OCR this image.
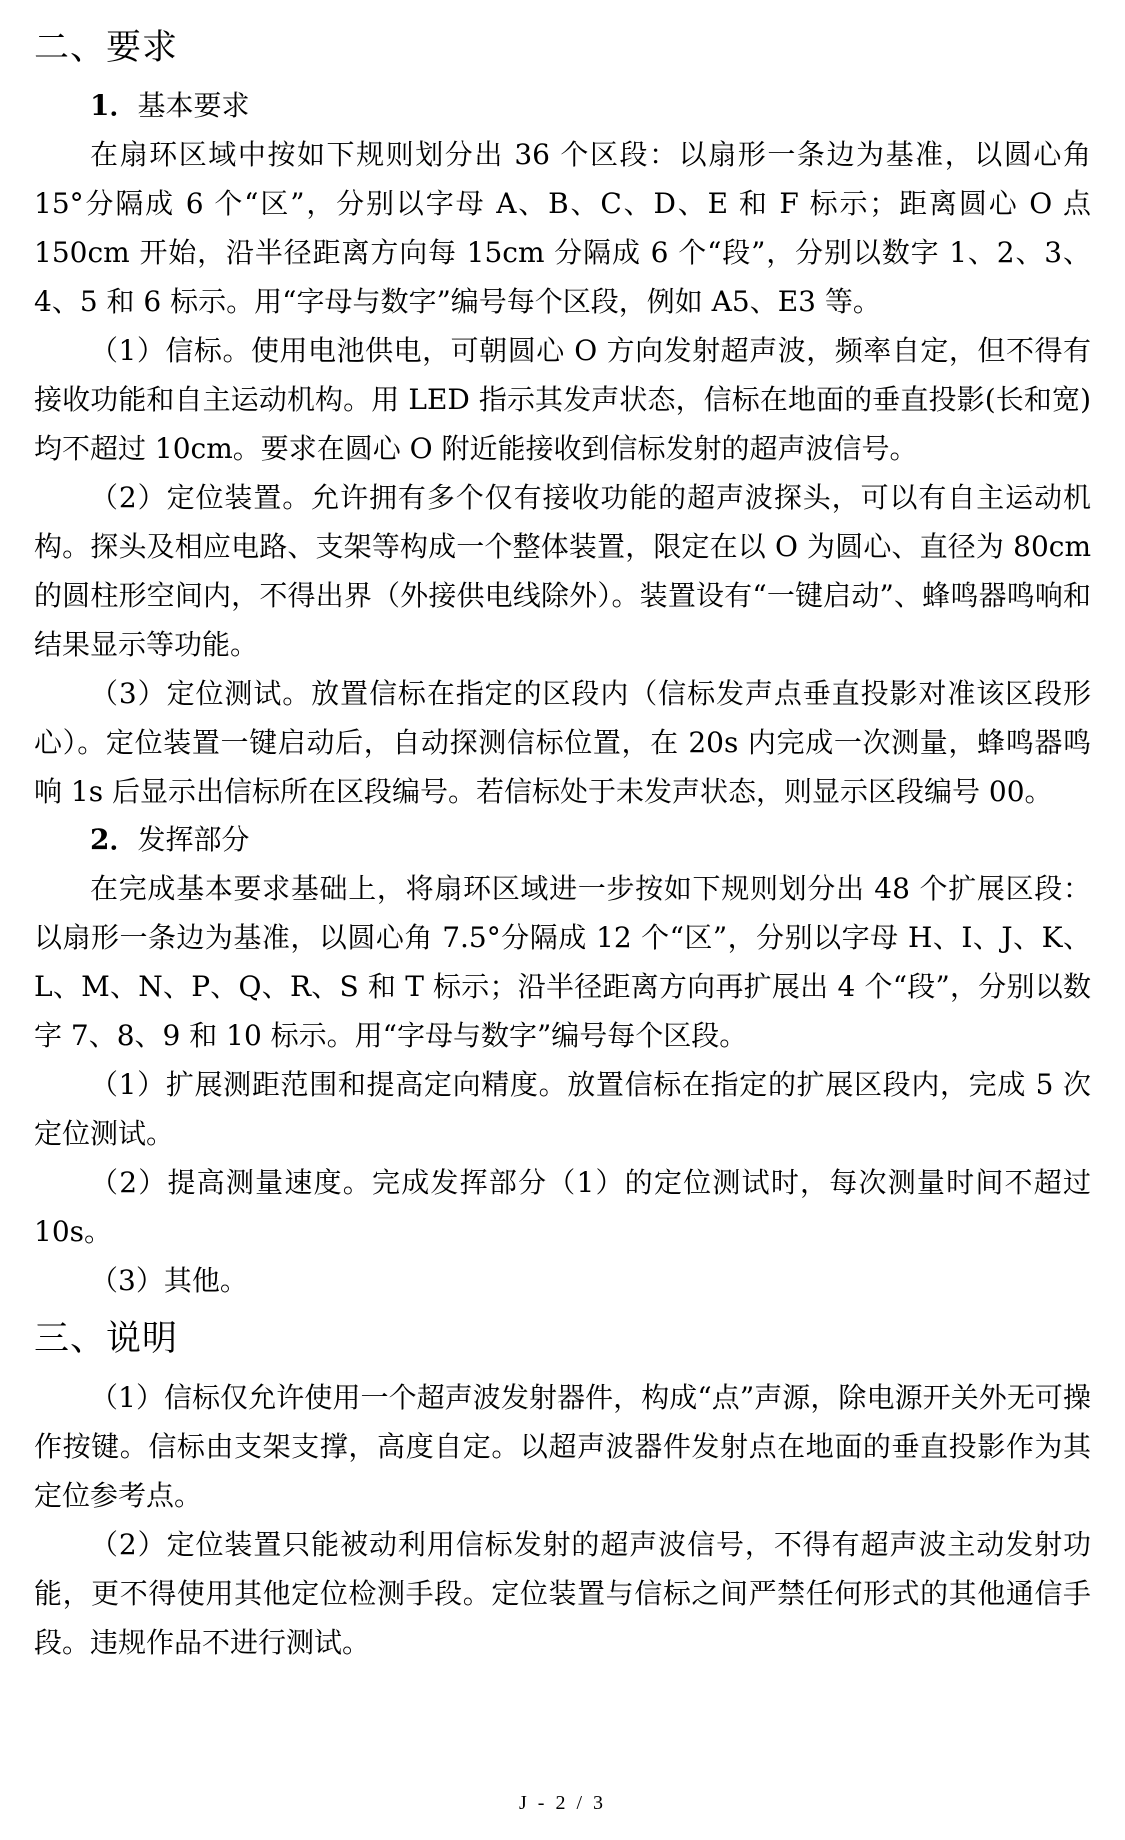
二、要求
1．基本要求

在扇环区域中按如下规则划分出 36 个区段：以扇形一条边为基准，以圆心角 15°分隔成 6 个“区”，分别以字母 A、B、C、D、E 和 F 标示；距离圆心 O 点 150cm 开始，沿半径距离方向每 15cm 分隔成 6 个“段”，分别以数字 1、2、3、4、5 和 6 标示。用“字母与数字”编号每个区段，例如 A5、E3 等。

（1）信标。使用电池供电，可朝圆心 O 方向发射超声波，频率自定，但不得有接收功能和自主运动机构。用 LED 指示其发声状态，信标在地面的垂直投影(长和宽)均不超过 10cm。要求在圆心 O 附近能接收到信标发射的超声波信号。

（2）定位装置。允许拥有多个仅有接收功能的超声波探头，可以有自主运动机构。探头及相应电路、支架等构成一个整体装置，限定在以 O 为圆心、直径为 80cm 的圆柱形空间内，不得出界（外接供电线除外）。装置设有“一键启动”、蜂鸣器鸣响和结果显示等功能。

（3）定位测试。放置信标在指定的区段内（信标发声点垂直投影对准该区段形心）。定位装置一键启动后，自动探测信标位置，在 20s 内完成一次测量，蜂鸣器鸣响 1s 后显示出信标所在区段编号。若信标处于未发声状态，则显示区段编号 00。

2．发挥部分

在完成基本要求基础上，将扇环区域进一步按如下规则划分出 48 个扩展区段：以扇形一条边为基准，以圆心角 7.5°分隔成 12 个“区”，分别以字母 H、I、J、K、L、M、N、P、Q、R、S 和 T 标示；沿半径距离方向再扩展出 4 个“段”，分别以数字 7、8、9 和 10 标示。用“字母与数字”编号每个区段。

（1）扩展测距范围和提高定向精度。放置信标在指定的扩展区段内，完成 5 次定位测试。

（2）提高测量速度。完成发挥部分（1）的定位测试时，每次测量时间不超过 10s。

（3）其他。

三、说明

（1）信标仅允许使用一个超声波发射器件，构成“点”声源，除电源开关外无可操作按键。信标由支架支撑，高度自定。以超声波器件发射点在地面的垂直投影作为其定位参考点。

（2）定位装置只能被动利用信标发射的超声波信号，不得有超声波主动发射功能，更不得使用其他定位检测手段。定位装置与信标之间严禁任何形式的其他通信手段。违规作品不进行测试。

J - 2 / 3
